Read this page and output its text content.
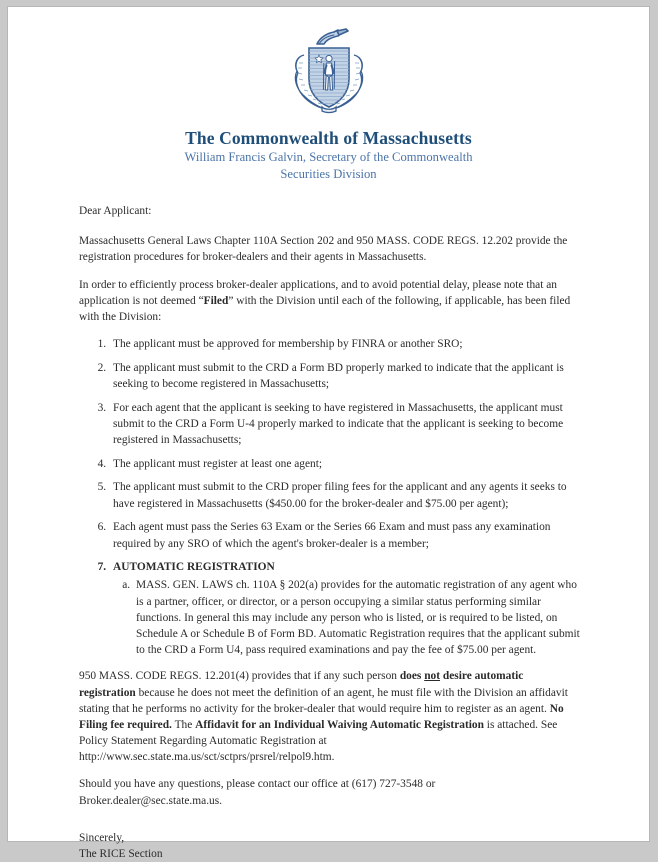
The Commonwealth of Massachusetts
William Francis Galvin, Secretary of the Commonwealth
Securities Division

Dear Applicant:

Massachusetts General Laws Chapter 110A Section 202 and 950 MASS. CODE REGS. 12.202 provide the registration procedures for broker-dealers and their agents in Massachusetts.

In order to efficiently process broker-dealer applications, and to avoid potential delay, please note that an application is not deemed “Filed” with the Division until each of the following, if applicable, has been filed with the Division:

1. The applicant must be approved for membership by FINRA or another SRO;
2. The applicant must submit to the CRD a Form BD properly marked to indicate that the applicant is seeking to become registered in Massachusetts;
3. For each agent that the applicant is seeking to have registered in Massachusetts, the applicant must submit to the CRD a Form U-4 properly marked to indicate that the applicant is seeking to become registered in Massachusetts;
4. The applicant must register at least one agent;
5. The applicant must submit to the CRD proper filing fees for the applicant and any agents it seeks to have registered in Massachusetts ($450.00 for the broker-dealer and $75.00 per agent);
6. Each agent must pass the Series 63 Exam or the Series 66 Exam and must pass any examination required by any SRO of which the agent's broker-dealer is a member;
7. AUTOMATIC REGISTRATION
a. MASS. GEN. LAWS ch. 110A § 202(a) provides for the automatic registration of any agent who is a partner, officer, or director, or a person occupying a similar status performing similar functions. In general this may include any person who is listed, or is required to be listed, on Schedule A or Schedule B of Form BD. Automatic Registration requires that the applicant submit to the CRD a Form U4, pass required examinations and pay the fee of $75.00 per agent.

950 MASS. CODE REGS. 12.201(4) provides that if any such person does not desire automatic registration because he does not meet the definition of an agent, he must file with the Division an affidavit stating that he performs no activity for the broker-dealer that would require him to register as an agent. No Filing fee required. The Affidavit for an Individual Waiving Automatic Registration is attached. See Policy Statement Regarding Automatic Registration at http://www.sec.state.ma.us/sct/sctprs/prsrel/relpol9.htm.

Should you have any questions, please contact our office at (617) 727-3548 or Broker.dealer@sec.state.ma.us.

Sincerely,

The RICE Section
